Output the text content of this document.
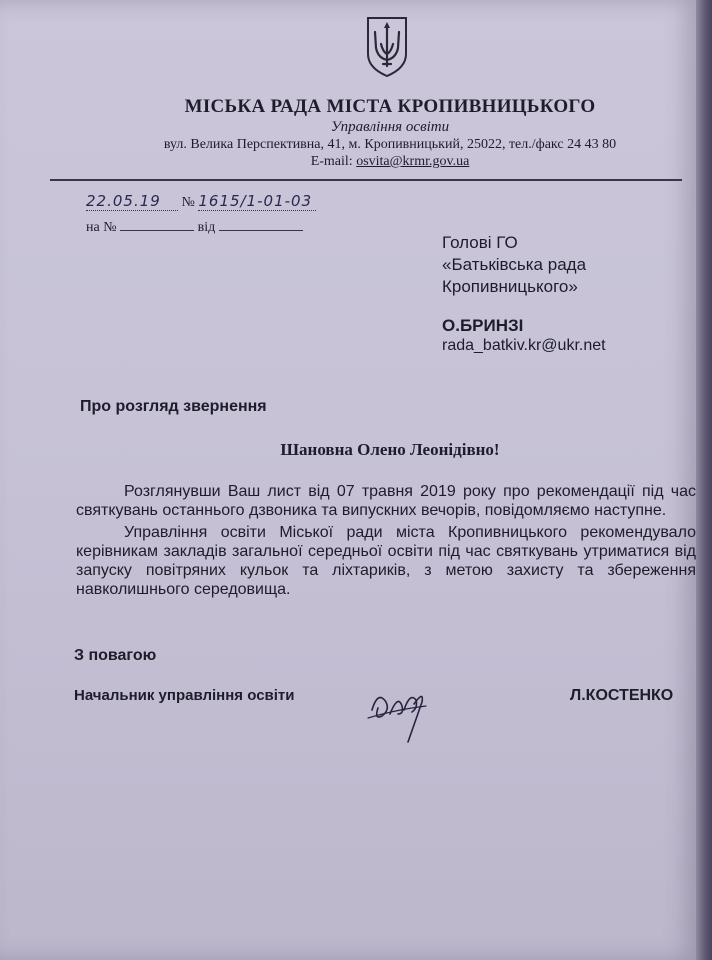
МІСЬКА РАДА МІСТА КРОПИВНИЦЬКОГО
Управління освіти
вул. Велика Перспективна, 41, м. Кропивницький, 25022, тел./факс 24 43 80
E-mail: osvita@krmr.gov.ua
22.05.19 № 1615/1-01-03
на №	від
Голові ГО
«Батьківська рада
Кропивницького»
О.БРИНЗІ
rada_batkiv.kr@ukr.net
Про розгляд звернення
Шановна Олено Леонідівно!
Розглянувши Ваш лист від 07 травня 2019 року про рекомендації під час святкувань останнього дзвоника та випускних вечорів, повідомляємо наступне.
Управління освіти Міської ради міста Кропивницького рекомендувало керівникам закладів загальної середньої освіти під час святкувань утриматися від запуску повітряних кульок та ліхтариків, з метою захисту та збереження навколишнього середовища.
З повагою
Начальник управління освіти	Л.КОСТЕНКО
